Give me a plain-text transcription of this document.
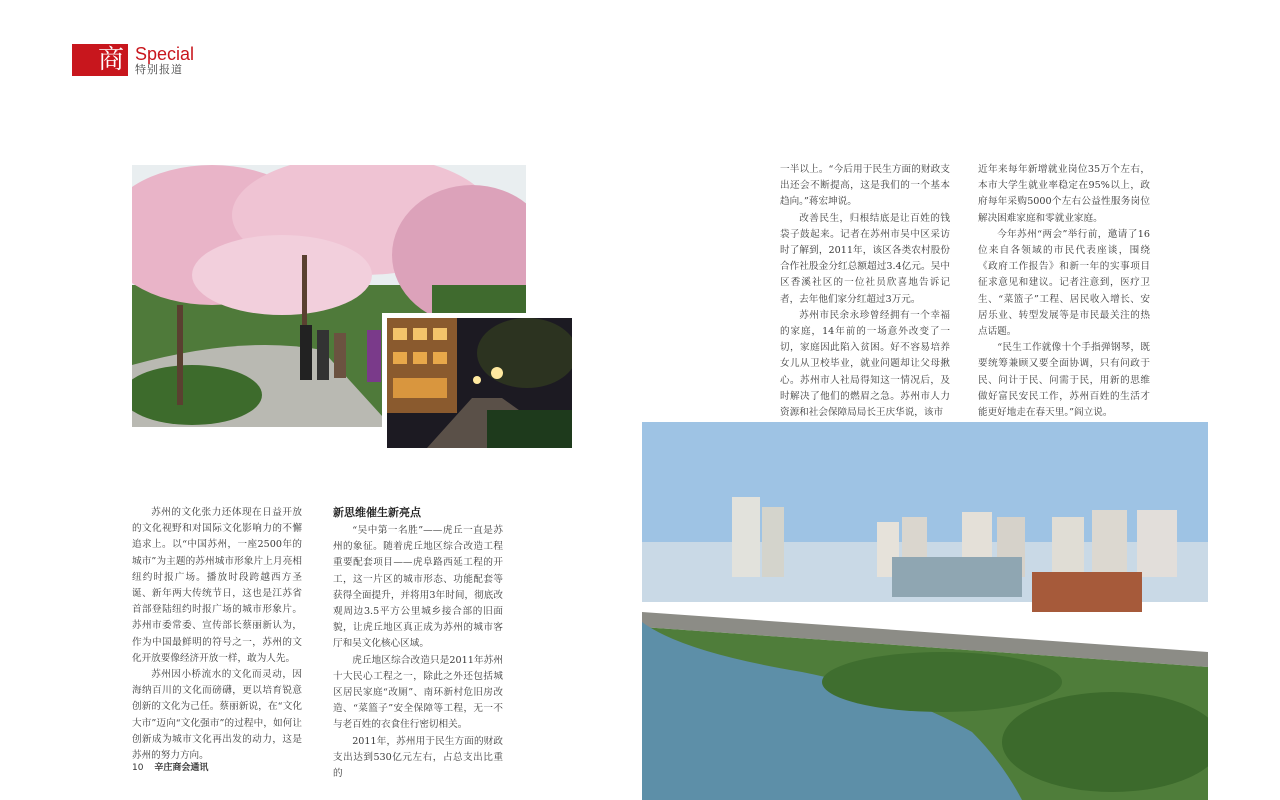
商 Special
特别报道

苏州的文化张力还体现在日益开放的文化视野和对国际文化影响力的不懈追求上。以“中国苏州，一座2500年的城市”为主题的苏州城市形象片上月亮相纽约时报广场。播放时段跨越西方圣诞、新年两大传统节日，这也是江苏省首部登陆纽约时报广场的城市形象片。苏州市委常委、宣传部长蔡丽新认为，作为中国最鲜明的符号之一，苏州的文化开放要像经济开放一样，敢为人先。

苏州因小桥流水的文化而灵动，因海纳百川的文化而磅礴，更以培育锐意创新的文化为己任。蔡丽新说，在“文化大市”迈向“文化强市”的过程中，如何让创新成为城市文化再出发的动力，这是苏州的努力方向。

新思维催生新亮点

“吴中第一名胜”——虎丘一直是苏州的象征。随着虎丘地区综合改造工程重要配套项目——虎阜路西延工程的开工，这一片区的城市形态、功能配套等获得全面提升，并将用3年时间，彻底改观周边3.5平方公里城乡接合部的旧面貌，让虎丘地区真正成为苏州的城市客厅和吴文化核心区域。

虎丘地区综合改造只是2011年苏州十大民心工程之一，除此之外还包括城区居民家庭“改厕”、南环新村危旧房改造、“菜篮子”安全保障等工程，无一不与老百姓的衣食住行密切相关。

2011年，苏州用于民生方面的财政支出达到530亿元左右，占总支出比重的

一半以上。“今后用于民生方面的财政支出还会不断提高，这是我们的一个基本趋向。”蒋宏坤说。

改善民生，归根结底是让百姓的钱袋子鼓起来。记者在苏州市吴中区采访时了解到，2011年，该区各类农村股份合作社股金分红总额超过3.4亿元。吴中区香溪社区的一位社员欣喜地告诉记者，去年他们家分红超过3万元。

苏州市民余永珍曾经拥有一个幸福的家庭，14年前的一场意外改变了一切，家庭因此陷入贫困。好不容易培养女儿从卫校毕业，就业问题却让父母揪心。苏州市人社局得知这一情况后，及时解决了他们的燃眉之急。苏州市人力资源和社会保障局局长王庆华说，该市

近年来每年新增就业岗位35万个左右，本市大学生就业率稳定在95%以上，政府每年采购5000个左右公益性服务岗位解决困难家庭和零就业家庭。

今年苏州“两会”举行前，邀请了16位来自各领域的市民代表座谈，围绕《政府工作报告》和新一年的实事项目征求意见和建议。记者注意到，医疗卫生、“菜篮子”工程、居民收入增长、安居乐业、转型发展等是市民最关注的热点话题。

“民生工作就像十个手指弹钢琴，既要统筹兼顾又要全面协调，只有问政于民、问计于民、问需于民，用新的思维做好富民安民工作，苏州百姓的生活才能更好地走在春天里。”阎立说。

10 辛庄商会通讯
